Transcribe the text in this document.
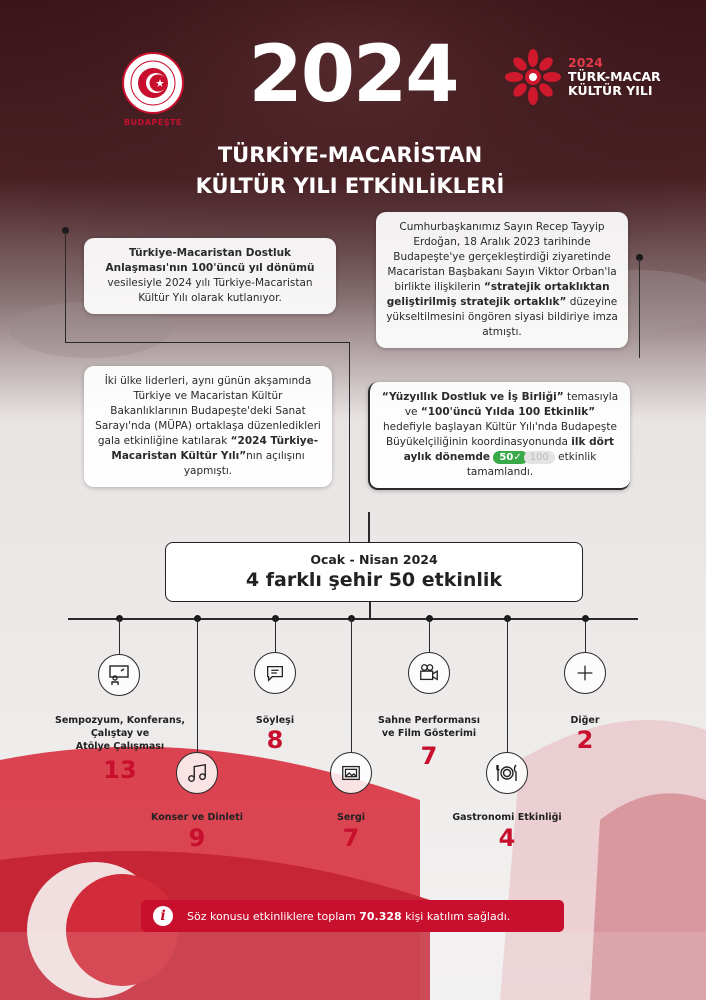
BUDAPEŞTE
2024
TÜRKİYE-MACARİSTAN
KÜLTÜR YILI ETKİNLİKLERİ
2024
TÜRK-MACAR
KÜLTÜR YILI
Türkiye-Macaristan Dostluk Anlaşması'nın 100'üncü yıl dönümü vesilesiyle 2024 yılı Türkiye-Macaristan Kültür Yılı olarak kutlanıyor.
Cumhurbaşkanımız Sayın Recep Tayyip Erdoğan, 18 Aralık 2023 tarihinde Budapeşte'ye gerçekleştirdiği ziyaretinde Macaristan Başbakanı Sayın Viktor Orban'la birlikte ilişkilerin “stratejik ortaklıktan geliştirilmiş stratejik ortaklık” düzeyine yükseltilmesini öngören siyasi bildiriye imza atmıştı.
İki ülke liderleri, aynı günün akşamında Türkiye ve Macaristan Kültür Bakanlıklarının Budapeşte'deki Sanat Sarayı'nda (MÜPA) ortaklaşa düzenledikleri gala etkinliğine katılarak “2024 Türkiye-Macaristan Kültür Yılı”nın açılışını yapmıştı.
“Yüzyıllık Dostluk ve İş Birliği” temasıyla ve “100'üncü Yılda 100 Etkinlik” hedefiyle başlayan Kültür Yılı'nda Budapeşte Büyükelçiliğinin koordinasyonunda ilk dört aylık dönemde 50✓ 100 etkinlik tamamlandı.
Ocak - Nisan 2024
4 farklı şehir 50 etkinlik
Sempozyum, Konferans,
Çalıştay ve
Atölye Çalışması
13
Konser ve Dinleti
9
Söyleşi
8
Sergi
7
Sahne Performansı
ve Film Gösterimi
7
Gastronomi Etkinliği
4
Diğer
2
i	Söz konusu etkinliklere toplam 70.328 kişi katılım sağladı.
